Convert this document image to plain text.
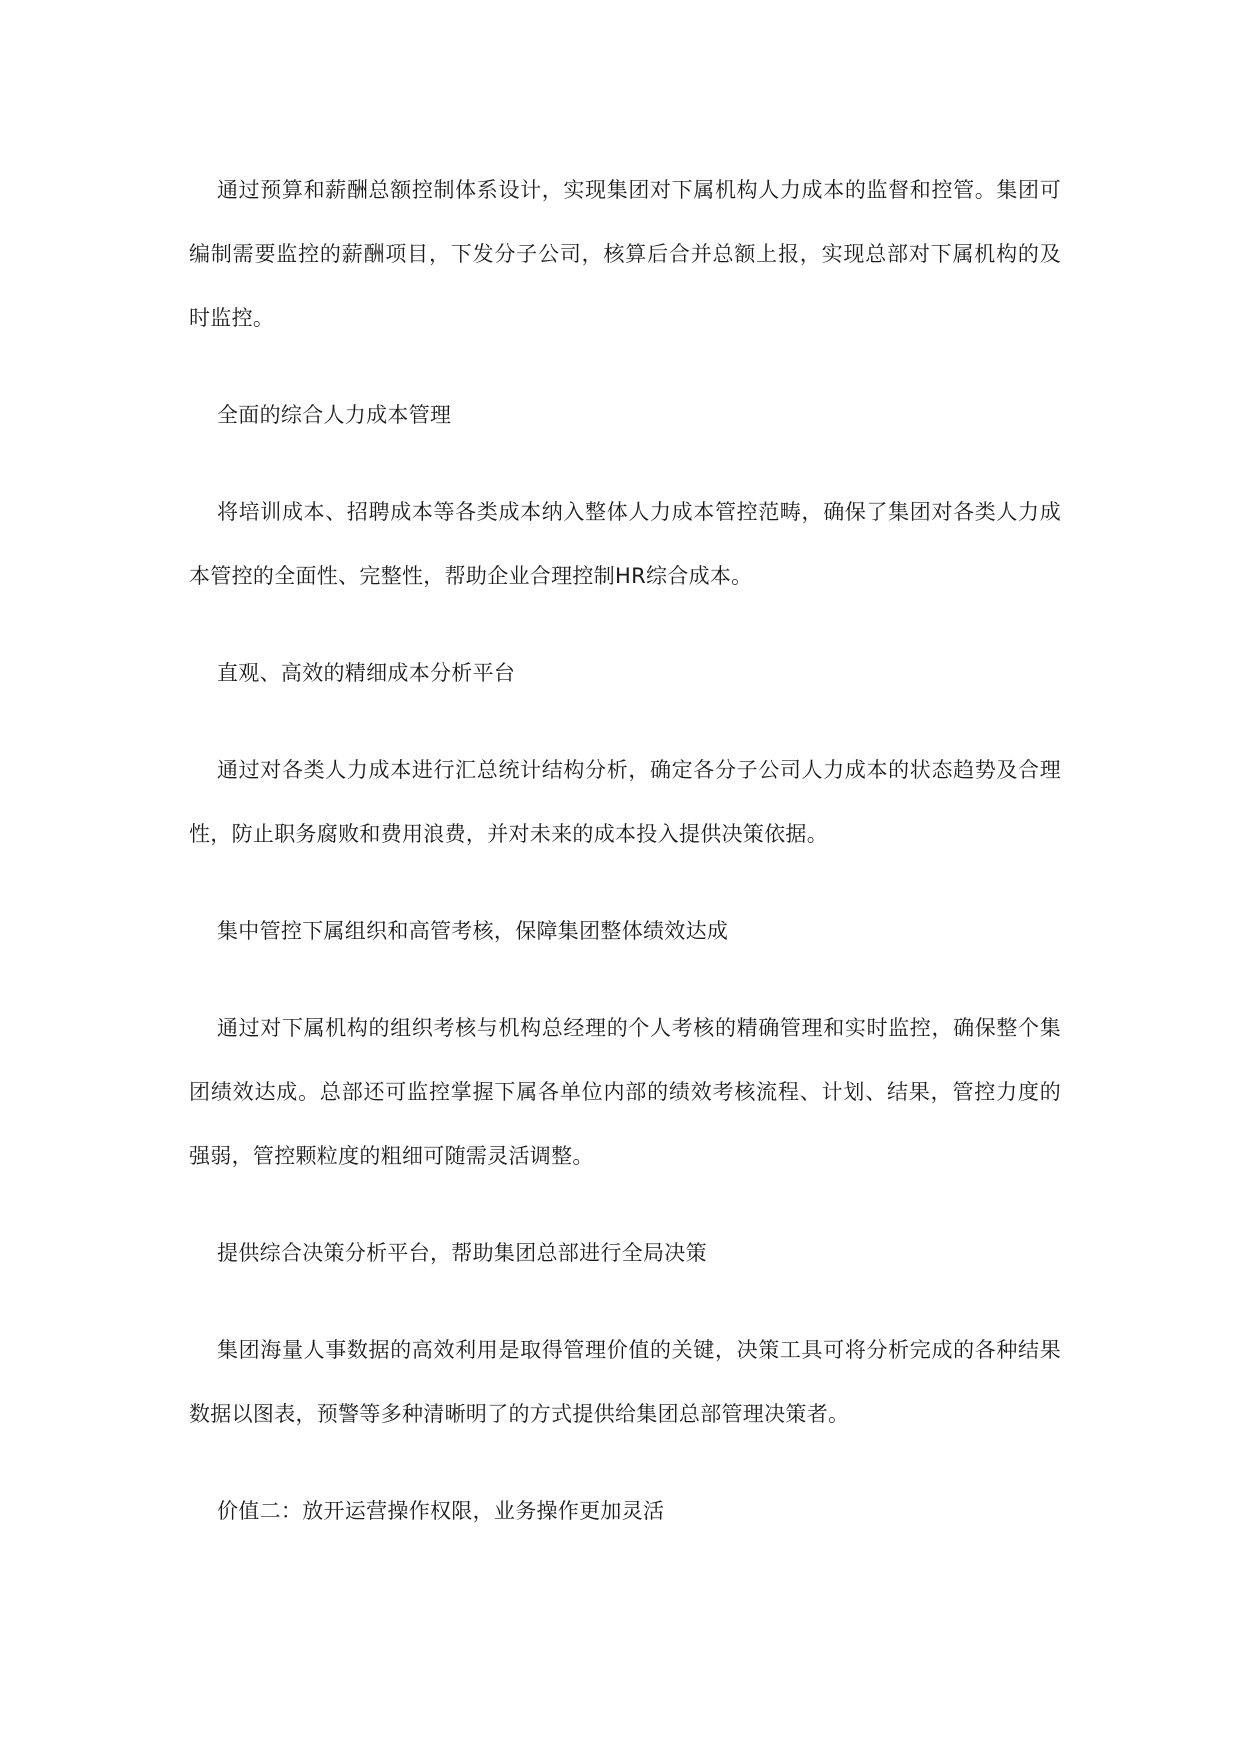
通过预算和薪酬总额控制体系设计，实现集团对下属机构人力成本的监督和控管。集团可编制需要监控的薪酬项目，下发分子公司，核算后合并总额上报，实现总部对下属机构的及时监控。

全面的综合人力成本管理

将培训成本、招聘成本等各类成本纳入整体人力成本管控范畴，确保了集团对各类人力成本管控的全面性、完整性，帮助企业合理控制HR综合成本。

直观、高效的精细成本分析平台

通过对各类人力成本进行汇总统计结构分析，确定各分子公司人力成本的状态趋势及合理性，防止职务腐败和费用浪费，并对未来的成本投入提供决策依据。

集中管控下属组织和高管考核，保障集团整体绩效达成

通过对下属机构的组织考核与机构总经理的个人考核的精确管理和实时监控，确保整个集团绩效达成。总部还可监控掌握下属各单位内部的绩效考核流程、计划、结果，管控力度的强弱，管控颗粒度的粗细可随需灵活调整。

提供综合决策分析平台，帮助集团总部进行全局决策

集团海量人事数据的高效利用是取得管理价值的关键，决策工具可将分析完成的各种结果数据以图表，预警等多种清晰明了的方式提供给集团总部管理决策者。

价值二：放开运营操作权限，业务操作更加灵活
